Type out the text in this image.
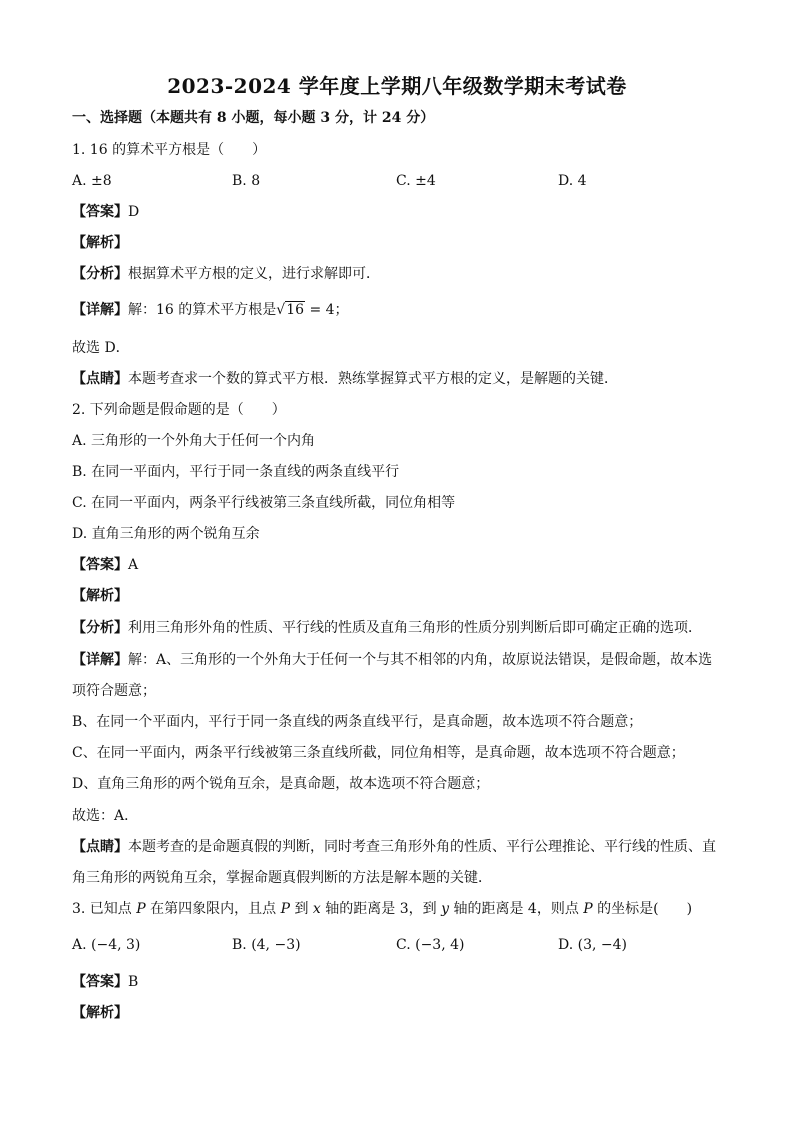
2023-2024 学年度上学期八年级数学期末考试卷
一、选择题（本题共有 8 小题，每小题 3 分，计 24 分）
1. 16 的算术平方根是（　　）
A. ±8	B. 8	C. ±4	D. 4
【答案】D
【解析】
【分析】根据算术平方根的定义，进行求解即可．
【详解】解：16 的算术平方根是√16 = 4；
故选 D．
【点睛】本题考查求一个数的算式平方根．熟练掌握算式平方根的定义，是解题的关键．
2. 下列命题是假命题的是（　　）
A. 三角形的一个外角大于任何一个内角
B. 在同一平面内，平行于同一条直线的两条直线平行
C. 在同一平面内，两条平行线被第三条直线所截，同位角相等
D. 直角三角形的两个锐角互余
【答案】A
【解析】
【分析】利用三角形外角的性质、平行线的性质及直角三角形的性质分别判断后即可确定正确的选项．
【详解】解：A、三角形的一个外角大于任何一个与其不相邻的内角，故原说法错误，是假命题，故本选
项符合题意；
B、在同一个平面内，平行于同一条直线的两条直线平行，是真命题，故本选项不符合题意；
C、在同一平面内，两条平行线被第三条直线所截，同位角相等，是真命题，故本选项不符合题意；
D、直角三角形的两个锐角互余，是真命题，故本选项不符合题意；
故选：A．
【点睛】本题考查的是命题真假的判断，同时考查三角形外角的性质、平行公理推论、平行线的性质、直
角三角形的两锐角互余，掌握命题真假判断的方法是解本题的关键．
3. 已知点 P 在第四象限内，且点 P 到 x 轴的距离是 3，到 y 轴的距离是 4，则点 P 的坐标是(　　)
A. (−4, 3)	B. (4, −3)	C. (−3, 4)	D. (3, −4)
【答案】B
【解析】
